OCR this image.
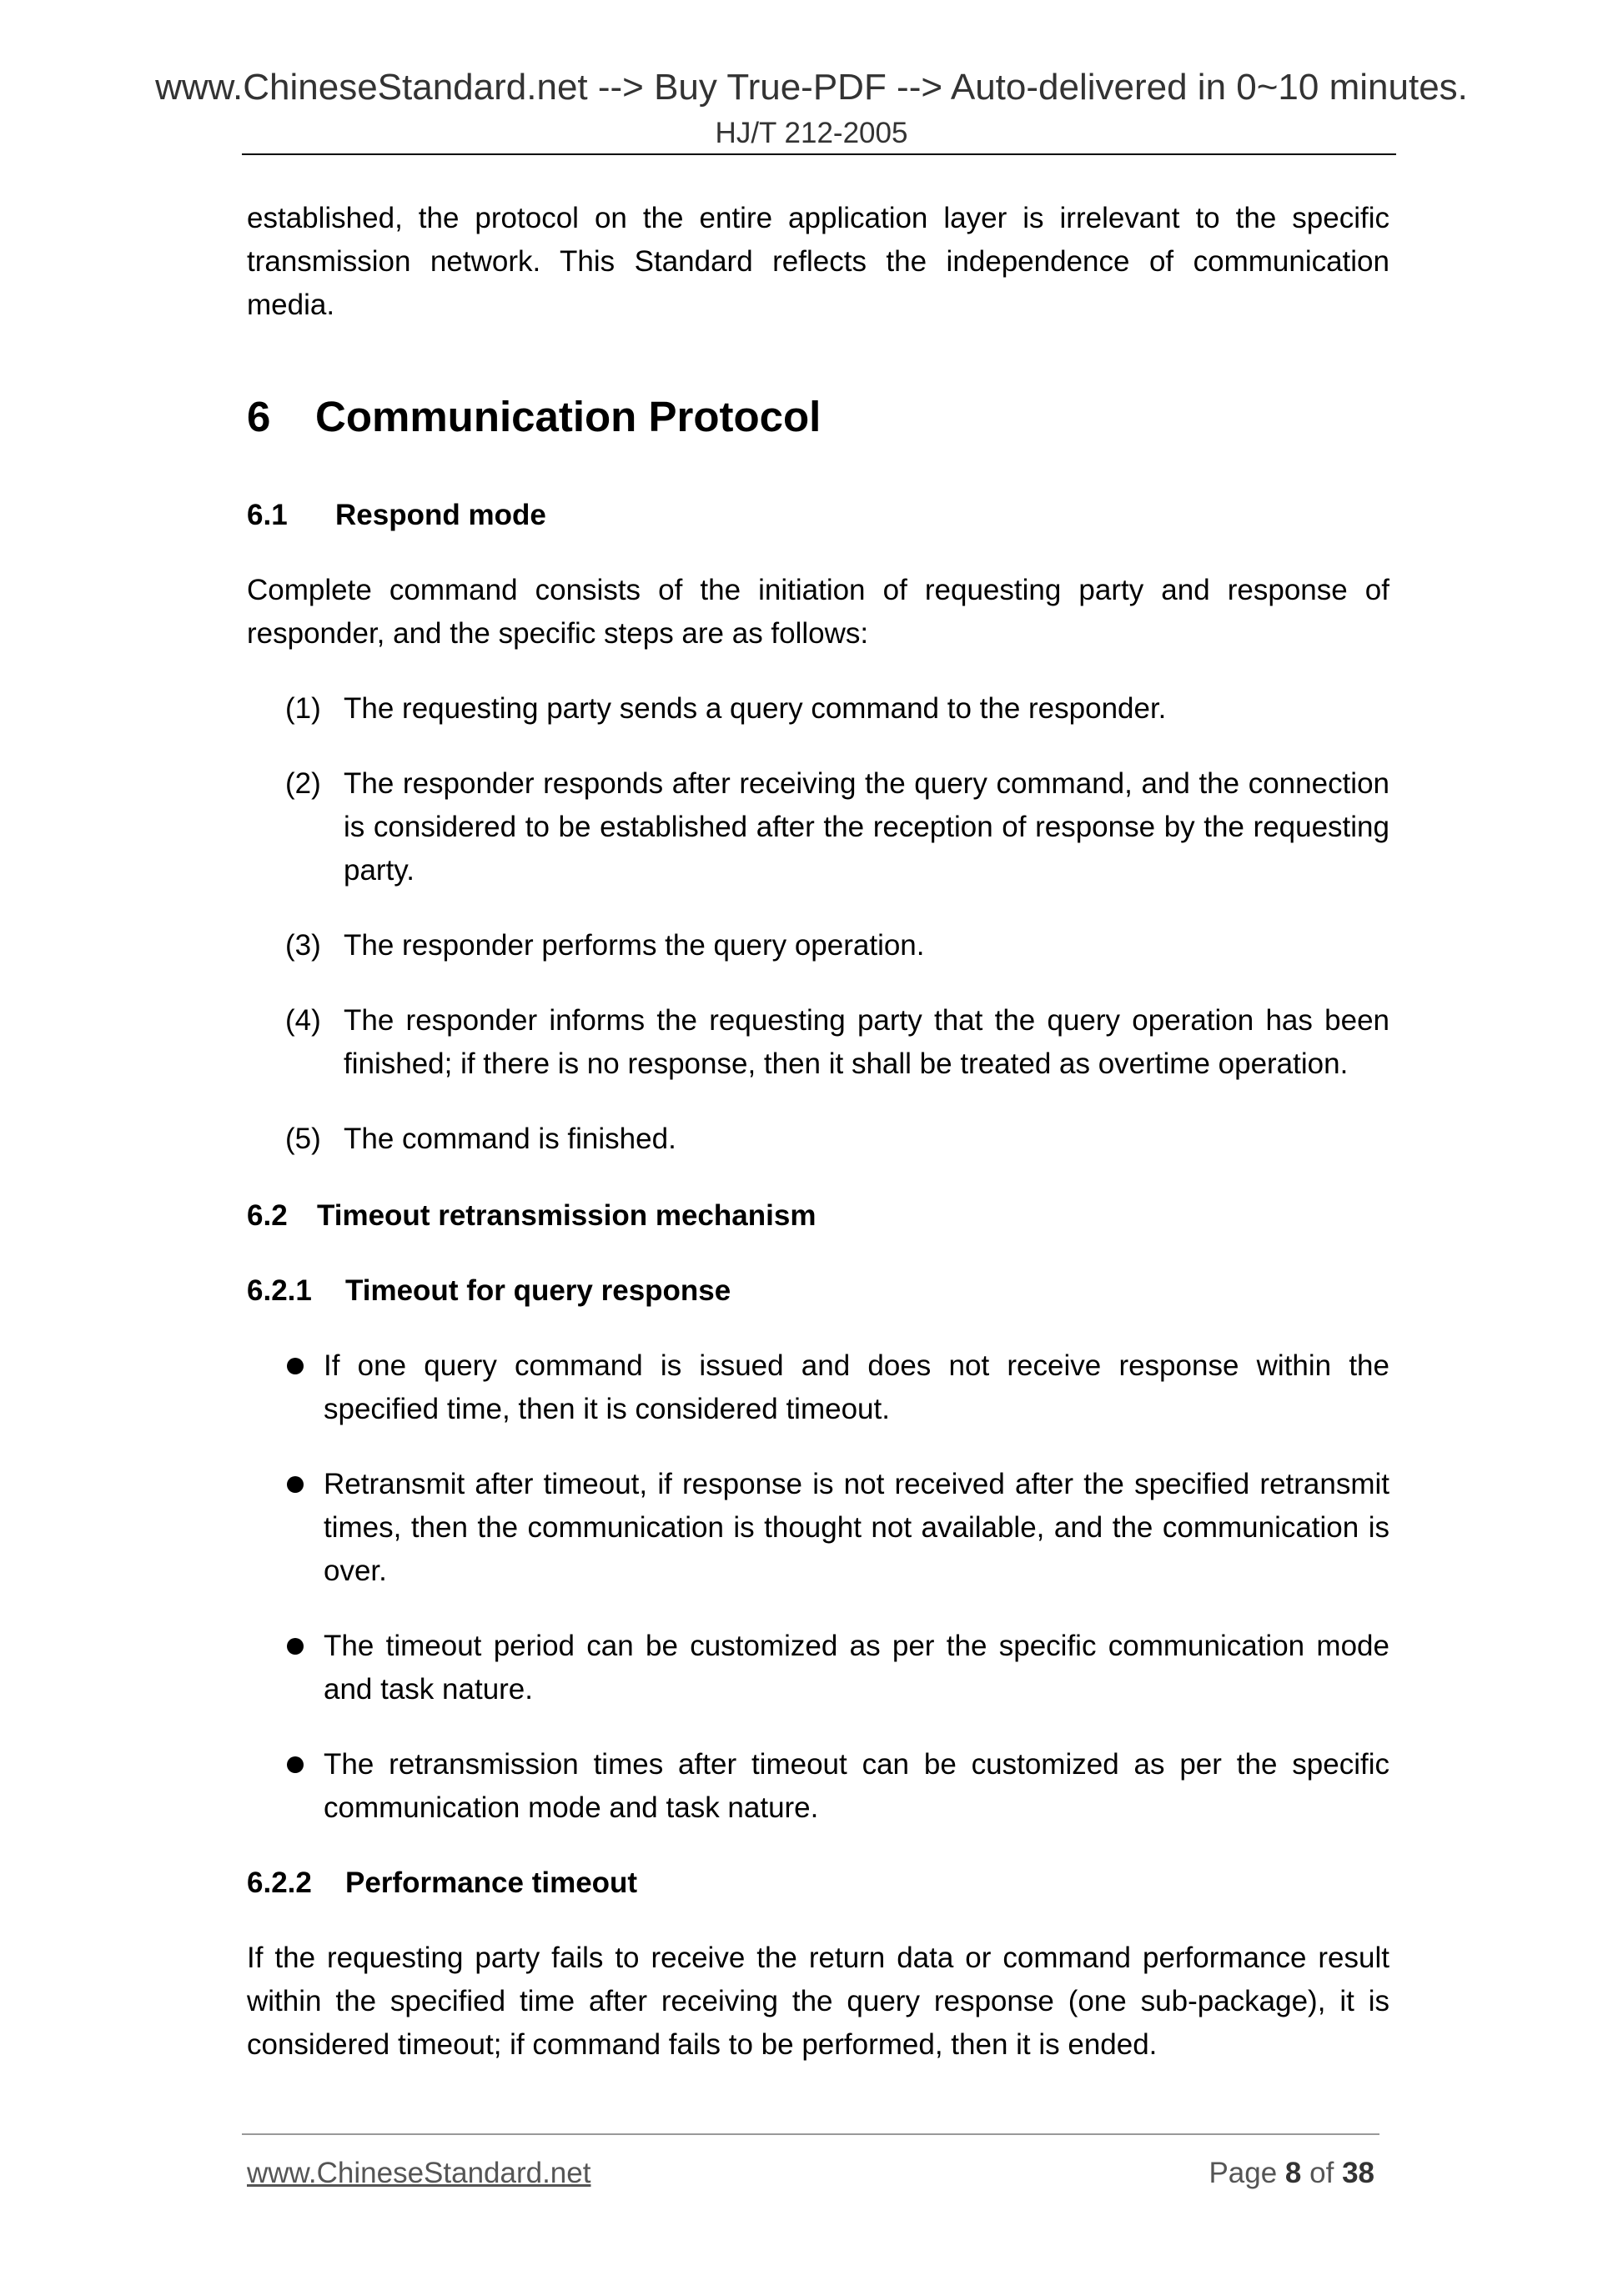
www.ChineseStandard.net --> Buy True-PDF --> Auto-delivered in 0~10 minutes.
HJ/T 212-2005

established, the protocol on the entire application layer is irrelevant to the specific transmission network. This Standard reflects the independence of communication media.

6 Communication Protocol
6.1 Respond mode

Complete command consists of the initiation of requesting party and response of responder, and the specific steps are as follows:

(1) The requesting party sends a query command to the responder.

(2) The responder responds after receiving the query command, and the connection is considered to be established after the reception of response by the requesting party.

(3) The responder performs the query operation.

(4) The responder informs the requesting party that the query operation has been finished; if there is no response, then it shall be treated as overtime operation.

(5) The command is finished.

6.2 Timeout retransmission mechanism
6.2.1 Timeout for query response

If one query command is issued and does not receive response within the specified time, then it is considered timeout.

Retransmit after timeout, if response is not received after the specified retransmit times, then the communication is thought not available, and the communication is over.

The timeout period can be customized as per the specific communication mode and task nature.

The retransmission times after timeout can be customized as per the specific communication mode and task nature.

6.2.2 Performance timeout

If the requesting party fails to receive the return data or command performance result within the specified time after receiving the query response (one sub-package), it is considered timeout; if command fails to be performed, then it is ended.

www.ChineseStandard.net	Page 8 of 38
